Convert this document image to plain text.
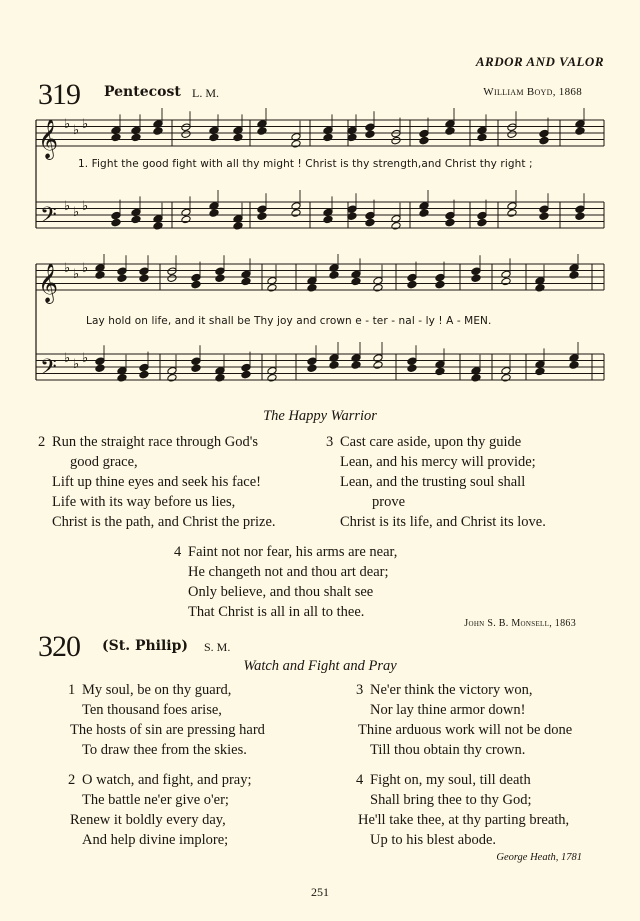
ARDOR AND VALOR
319 Pentecost L. M.	William Boyd, 1868
𝄞
𝄢
♭ ♭ ♭
♭ ♭ ♭
𝄞
𝄢
♭ ♭ ♭
♭ ♭ ♭
1. Fight the good fight with all thy might ! Christ is thy strength,and Christ thy right ;
Lay hold on life, and it shall be Thy joy and crown e - ter - nal - ly ! A - MEN.
The Happy Warrior
2 Run the straight race through God's
good grace,
Lift up thine eyes and seek his face!
Life with its way before us lies,
Christ is the path, and Christ the prize.
3 Cast care aside, upon thy guide
Lean, and his mercy will provide;
Lean, and the trusting soul shall
prove
Christ is its life, and Christ its love.
4 Faint not nor fear, his arms are near,
He changeth not and thou art dear;
Only believe, and thou shalt see
That Christ is all in all to thee.
John S. B. Monsell, 1863
320 (St. Philip) S. M.
Watch and Fight and Pray
1 My soul, be on thy guard,
Ten thousand foes arise,
The hosts of sin are pressing hard
To draw thee from the skies.
2 O watch, and fight, and pray;
The battle ne'er give o'er;
Renew it boldly every day,
And help divine implore;
3 Ne'er think the victory won,
Nor lay thine armor down!
Thine arduous work will not be done
Till thou obtain thy crown.
4 Fight on, my soul, till death
Shall bring thee to thy God;
He'll take thee, at thy parting breath,
Up to his blest abode.
George Heath, 1781
251
